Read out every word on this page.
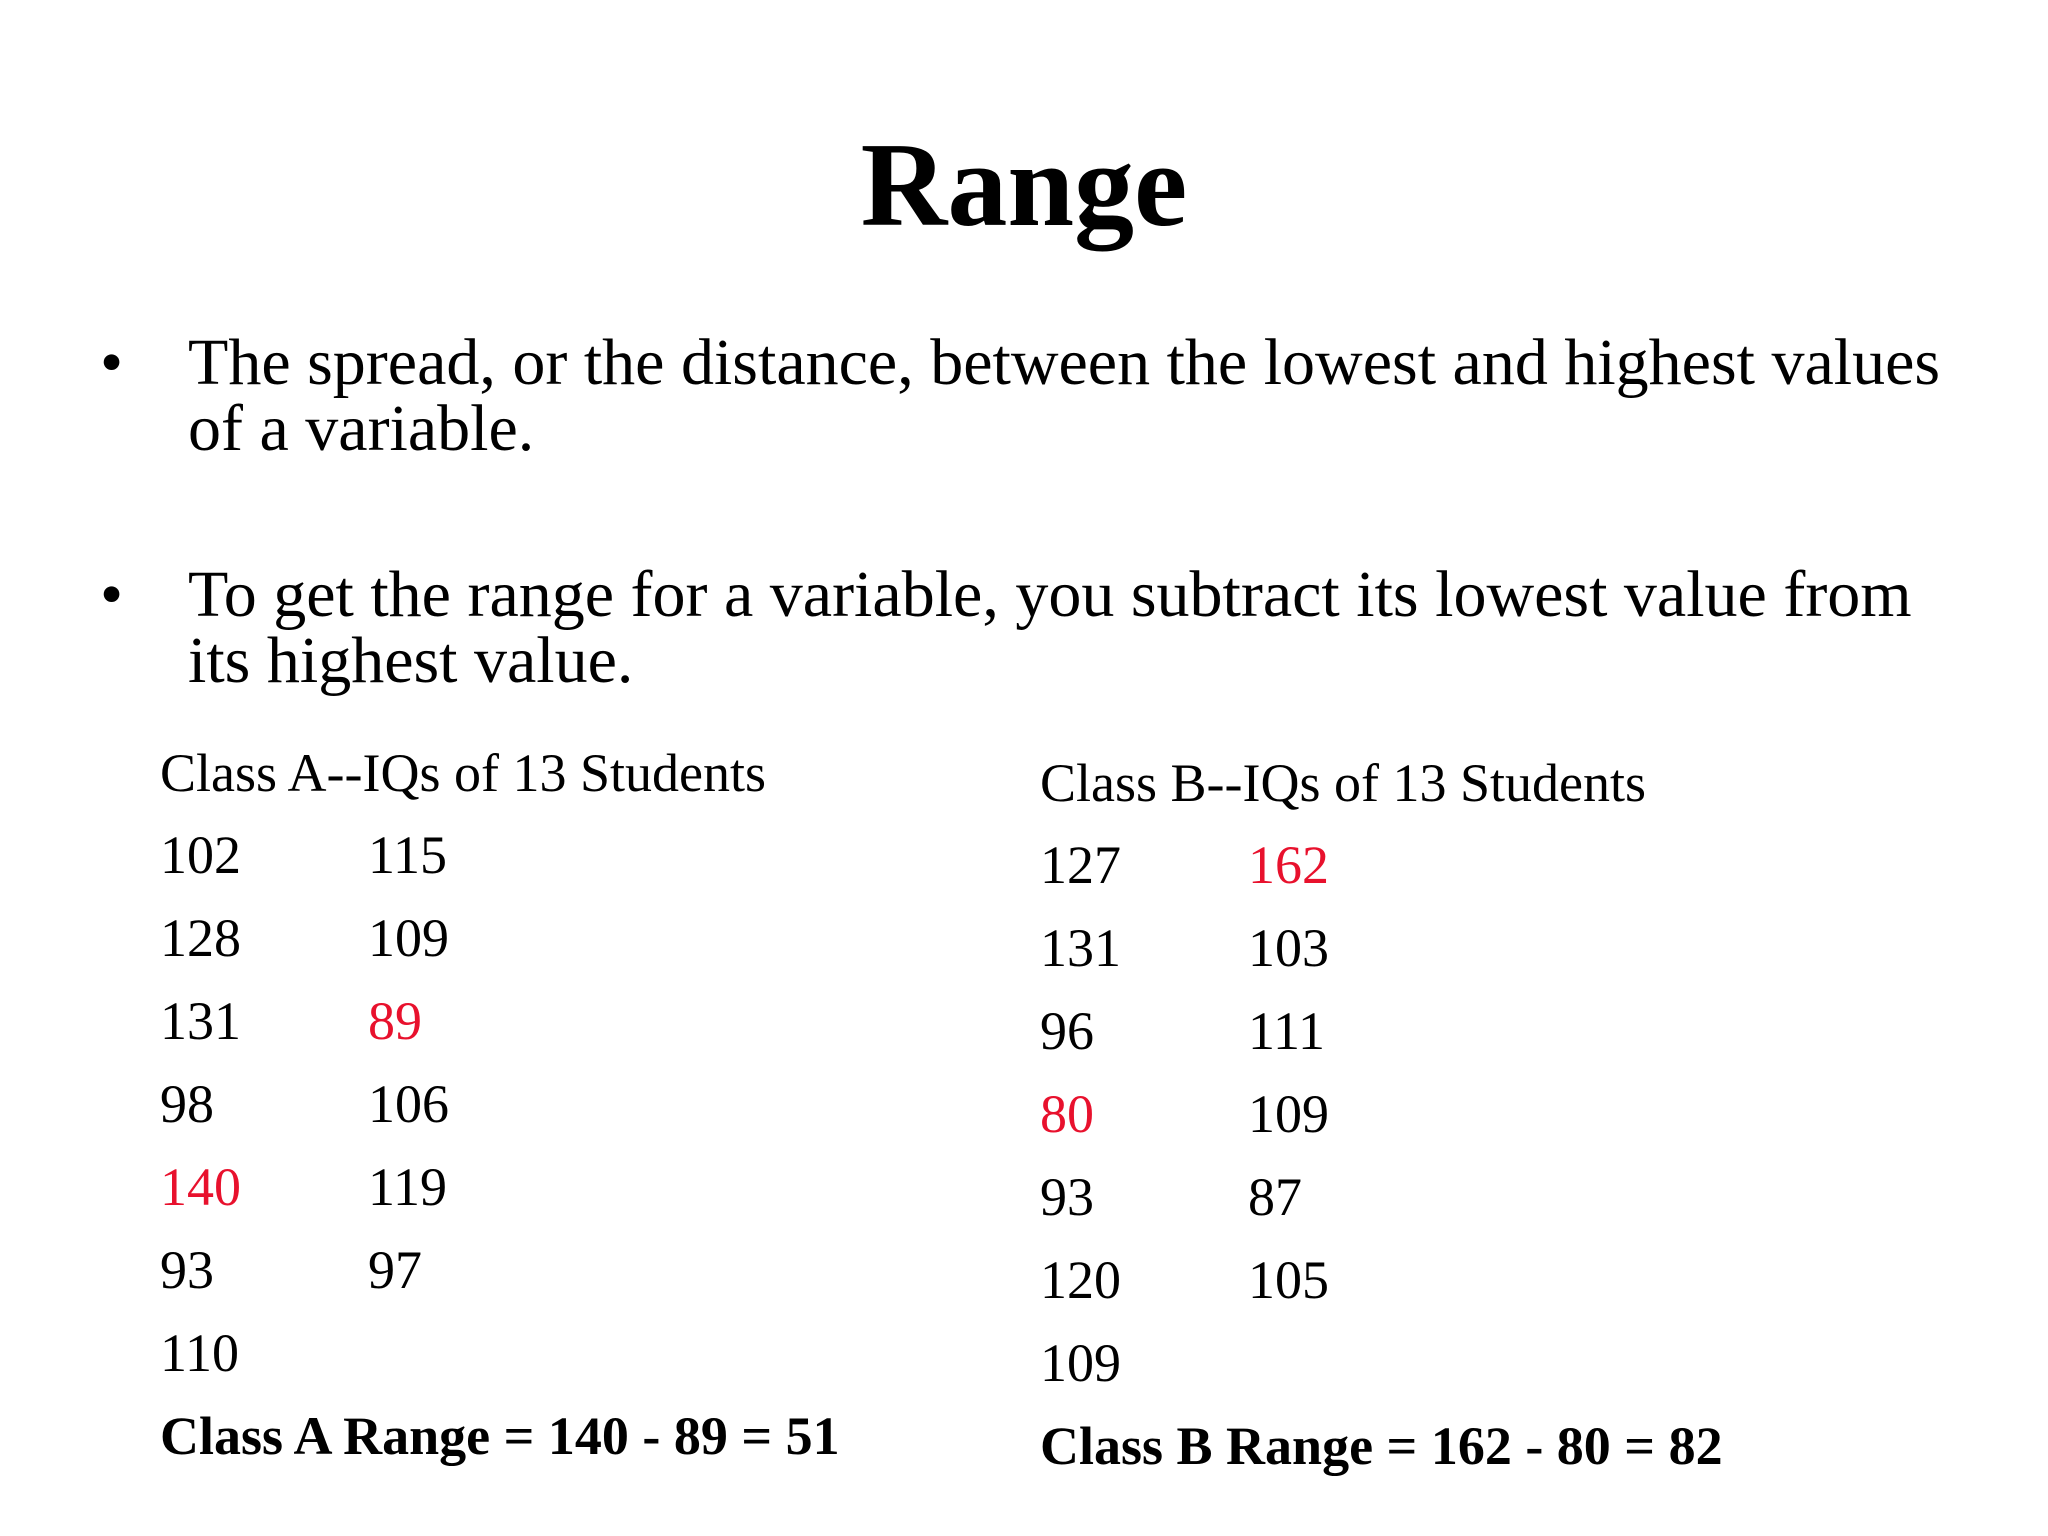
Range
• The spread, or the distance, between the lowest and highest values of a variable.
• To get the range for a variable, you subtract its lowest value from its highest value.
Class A--IQs of 13 Students
102	115
128	109
131	89
98	106
140	119
93	97
110
Class A Range = 140 - 89 = 51
Class B--IQs of 13 Students
127	162
131	103
96	111
80	109
93	87
120	105
109
Class B Range = 162 - 80 = 82
